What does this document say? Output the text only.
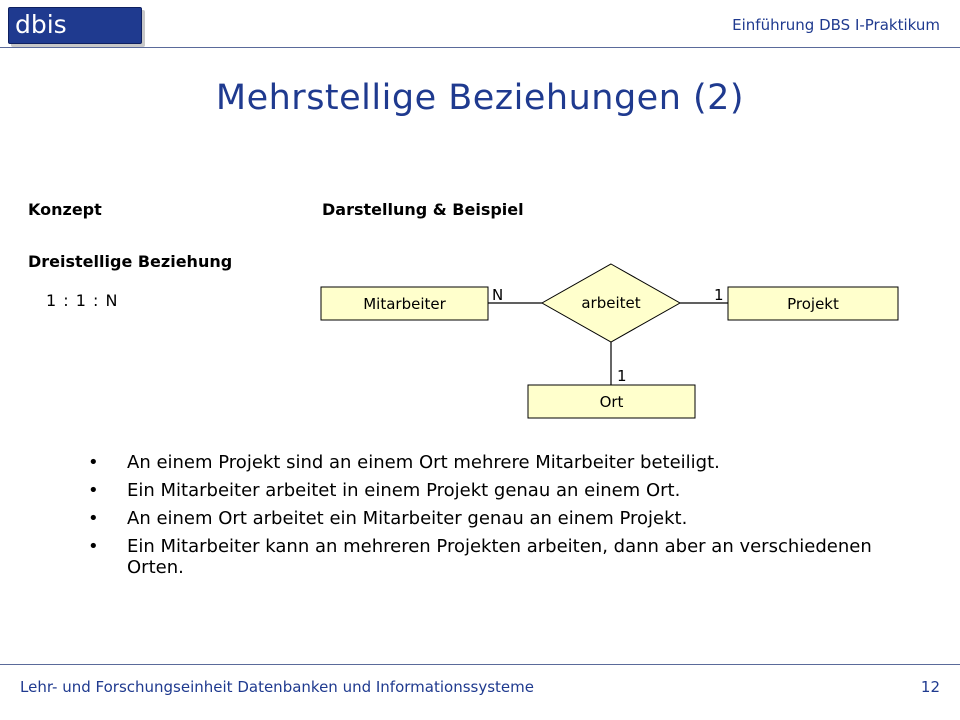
dbis	Einführung DBS I-Praktikum
Mehrstellige Beziehungen (2)
Konzept	Darstellung & Beispiel
Dreistellige Beziehung
1 : 1 : N	Mitarbeiter	Projekt
Ort
arbeitet
N	1
1
• An einem Projekt sind an einem Ort mehrere Mitarbeiter beteiligt.
• Ein Mitarbeiter arbeitet in einem Projekt genau an einem Ort.
• An einem Ort arbeitet ein Mitarbeiter genau an einem Projekt.
• Ein Mitarbeiter kann an mehreren Projekten arbeiten, dann aber an verschiedenen Orten.
Lehr- und Forschungseinheit Datenbanken und Informationssysteme	12
